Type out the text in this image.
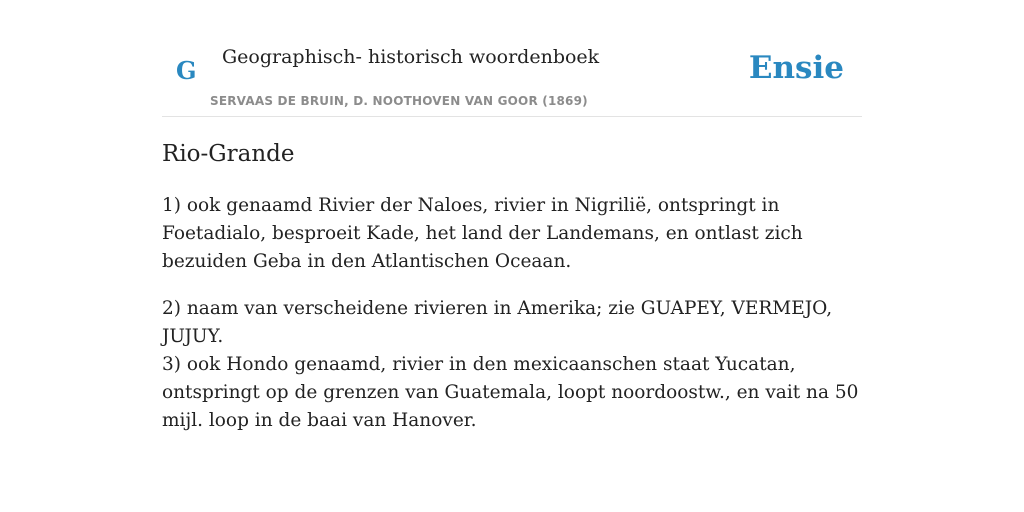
G Geographisch- historisch woordenboek
SERVAAS DE BRUIN, D. NOOTHOVEN VAN GOOR (1869)
Ensie
Rio-Grande

1) ook genaamd Rivier der Naloes, rivier in Nigrilië, ontspringt in Foetadialo, besproeit Kade, het land der Landemans, en ontlast zich bezuiden Geba in den Atlantischen Oceaan.

2) naam van verscheidene rivieren in Amerika; zie GUAPEY, VERMEJO, JUJUY.
3) ook Hondo genaamd, rivier in den mexicaanschen staat Yucatan, ontspringt op de grenzen van Guatemala, loopt noordoostw., en vait na 50 mijl. loop in de baai van Hanover.
